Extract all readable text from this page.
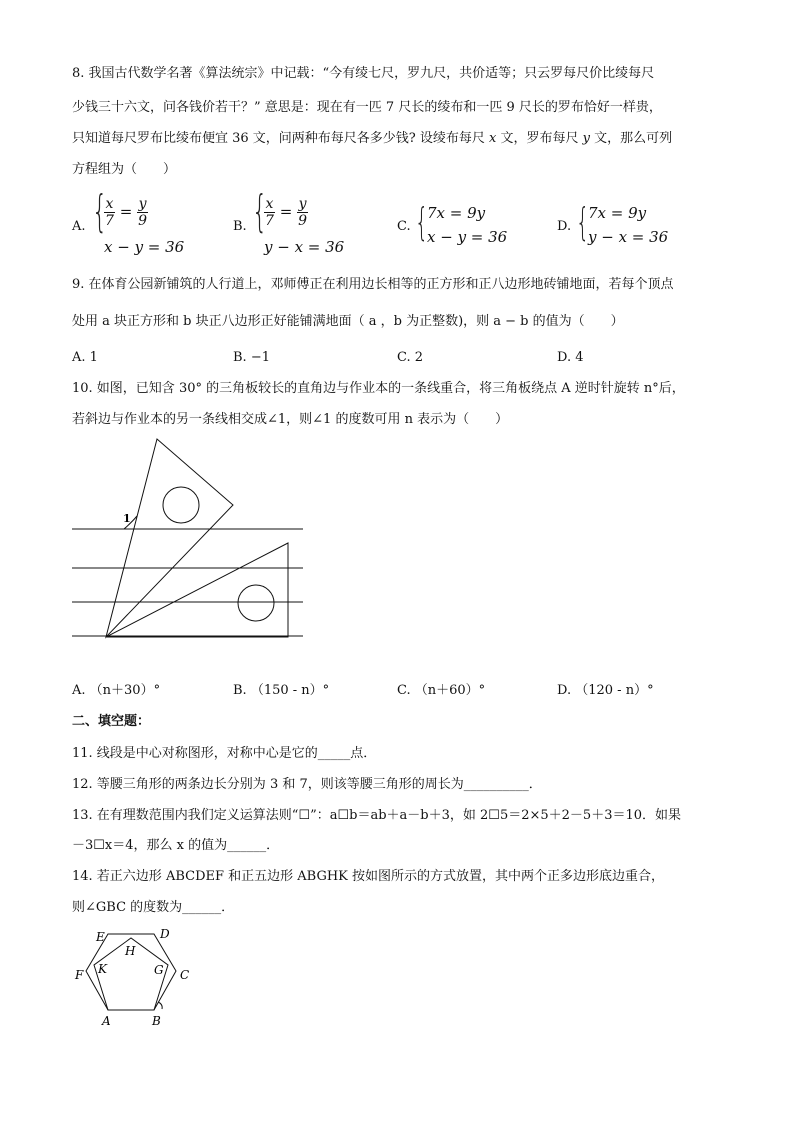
8. 我国古代数学名著《算法统宗》中记载：“今有绫七尺，罗九尺，共价适等；只云罗每尺价比绫每尺
少钱三十六文，问各钱价若干？” 意思是：现在有一匹 7 尺长的绫布和一匹 9 尺长的罗布恰好一样贵，
只知道每尺罗布比绫布便宜 36 文，问两种布每尺各多少钱? 设绫布每尺 x 文，罗布每尺 y 文，那么可列
方程组为（　　）
A. {
$\frac{x}{7} = \frac{y}{9}$
x − y = 36
B. {
$\frac{x}{7} = \frac{y}{9}$
y − x = 36
C. {
7x = 9y
x − y = 36
D. {
7x = 9y
y − x = 36
9. 在体育公园新铺筑的人行道上，邓师傅正在利用边长相等的正方形和正八边形地砖铺地面，若每个顶点
处用 a 块正方形和 b 块正八边形正好能铺满地面（ a ，b 为正整数)，则 a − b 的值为（　　）
A. 1	B. −1	C. 2	D. 4
10. 如图，已知含 30° 的三角板较长的直角边与作业本的一条线重合，将三角板绕点 A 逆时针旋转 n°后，
若斜边与作业本的另一条线相交成∠1，则∠1 的度数可用 n 表示为（　　）
1
A. （n＋30）°	B. （150 - n）°	C. （n＋60）°	D. （120 - n）°
二、填空题：
11. 线段是中心对称图形，对称中心是它的_____点．
12. 等腰三角形的两条边长分别为 3 和 7，则该等腰三角形的周长为__________．
13. 在有理数范围内我们定义运算法则“☐”：a☐b＝ab＋a－b＋3，如 2☐5＝2×5＋2－5＋3＝10．如果
－3☐x＝4，那么 x 的值为______．
14. 若正六边形 ABCDEF 和正五边形 ABGHK 按如图所示的方式放置，其中两个正多边形底边重合，
则∠GBC 的度数为______．
A	B
C
D
E
F	G
H
K
